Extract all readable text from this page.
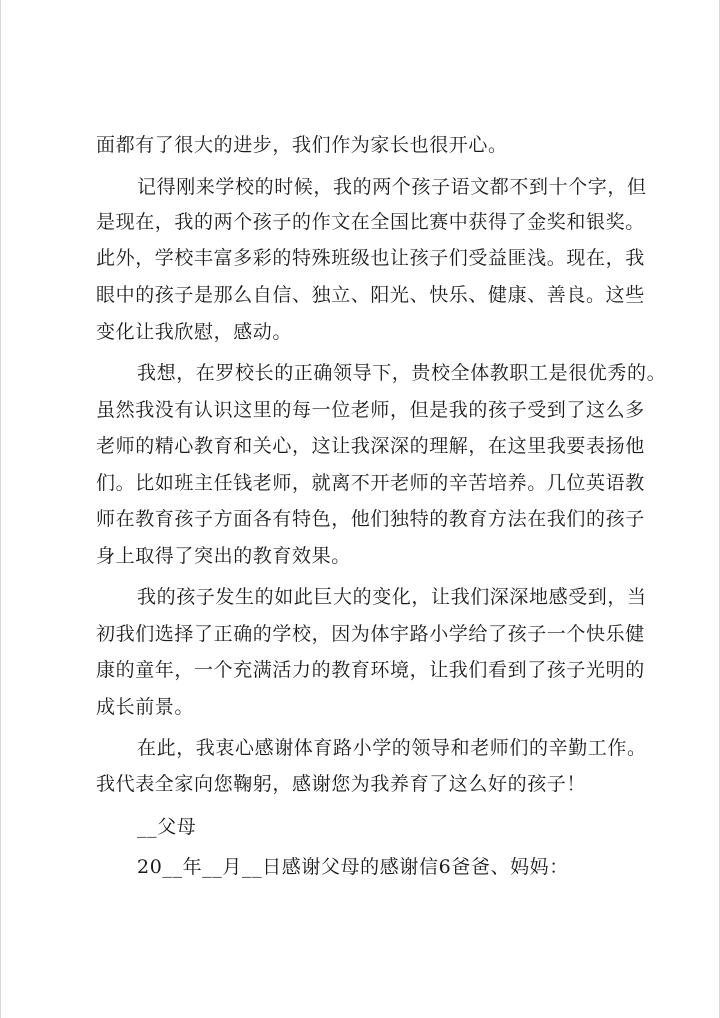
面都有了很大的进步，我们作为家长也很开心。
记得刚来学校的时候，我的两个孩子语文都不到十个字，但
是现在，我的两个孩子的作文在全国比赛中获得了金奖和银奖。
此外，学校丰富多彩的特殊班级也让孩子们受益匪浅。现在，我
眼中的孩子是那么自信、独立、阳光、快乐、健康、善良。这些
变化让我欣慰，感动。
我想，在罗校长的正确领导下，贵校全体教职工是很优秀的。
虽然我没有认识这里的每一位老师，但是我的孩子受到了这么多
老师的精心教育和关心，这让我深深的理解，在这里我要表扬他
们。比如班主任钱老师，就离不开老师的辛苦培养。几位英语教
师在教育孩子方面各有特色，他们独特的教育方法在我们的孩子
身上取得了突出的教育效果。
我的孩子发生的如此巨大的变化，让我们深深地感受到，当
初我们选择了正确的学校，因为体宇路小学给了孩子一个快乐健
康的童年，一个充满活力的教育环境，让我们看到了孩子光明的
成长前景。
在此，我衷心感谢体育路小学的领导和老师们的辛勤工作。
我代表全家向您鞠躬，感谢您为我养育了这么好的孩子！
__父母
20__年__月__日感谢父母的感谢信6爸爸、妈妈：
